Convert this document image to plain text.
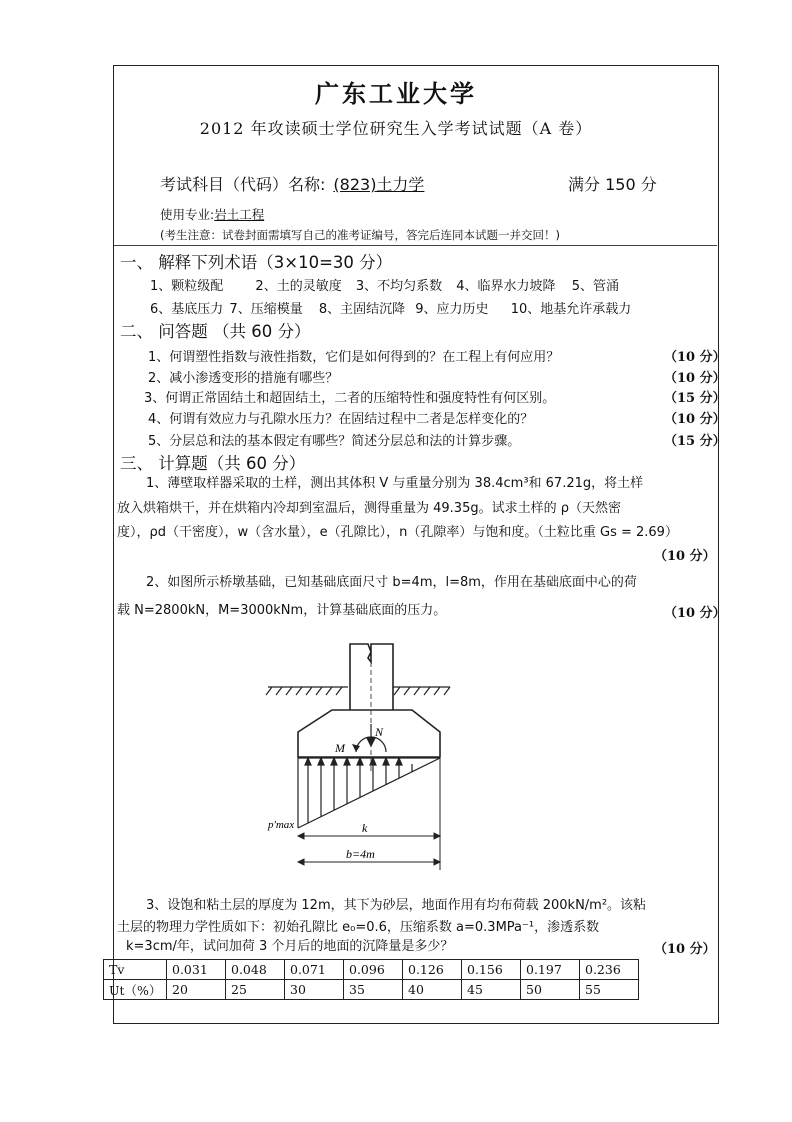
广东工业大学
2012 年攻读硕士学位研究生入学考试试题（A 卷）
考试科目（代码）名称: (823)土力学	满分 150 分
使用专业:岩土工程
(考生注意：试卷封面需填写自己的准考证编号，答完后连同本试题一并交回！)
一、 解释下列术语（3×10=30 分）
1、颗粒级配 2、土的灵敏度 3、不均匀系数 4、临界水力坡降 5、管涌
6、基底压力 7、压缩模量 8、主固结沉降 9、应力历史 10、地基允许承载力
二、 问答题 （共 60 分）
1、何谓塑性指数与液性指数，它们是如何得到的？在工程上有何应用？	（10 分）
2、减小渗透变形的措施有哪些？	（10 分）
3、何谓正常固结土和超固结土，二者的压缩特性和强度特性有何区别。	（15 分）
4、何谓有效应力与孔隙水压力？在固结过程中二者是怎样变化的？	（10 分）
5、分层总和法的基本假定有哪些？简述分层总和法的计算步骤。	（15 分）
三、 计算题（共 60 分）
1、薄壁取样器采取的土样，测出其体积 V 与重量分别为 38.4cm³和 67.21g，将土样
放入烘箱烘干，并在烘箱内冷却到室温后，测得重量为 49.35g。试求土样的 ρ（天然密
度），ρd（干密度），w（含水量），e（孔隙比），n（孔隙率）与饱和度。（土粒比重 Gs = 2.69）
（10 分）
2、如图所示桥墩基础，已知基础底面尺寸 b=4m，l=8m，作用在基础底面中心的荷
载 N=2800kN，M=3000kNm，计算基础底面的压力。	（10 分）
N
M
p'max	k
b=4m
3、设饱和粘土层的厚度为 12m，其下为砂层，地面作用有均布荷载 200kN/m²。该粘
土层的物理力学性质如下：初始孔隙比 e₀=0.6，压缩系数 a=0.3MPa⁻¹，渗透系数
k=3cm/年，试问加荷 3 个月后的地面的沉降量是多少？	（10 分）
Tv	0.031	0.048	0.071	0.096	0.126	0.156	0.197	0.236
Ut（%）	20	25	30	35	40	45	50	55
